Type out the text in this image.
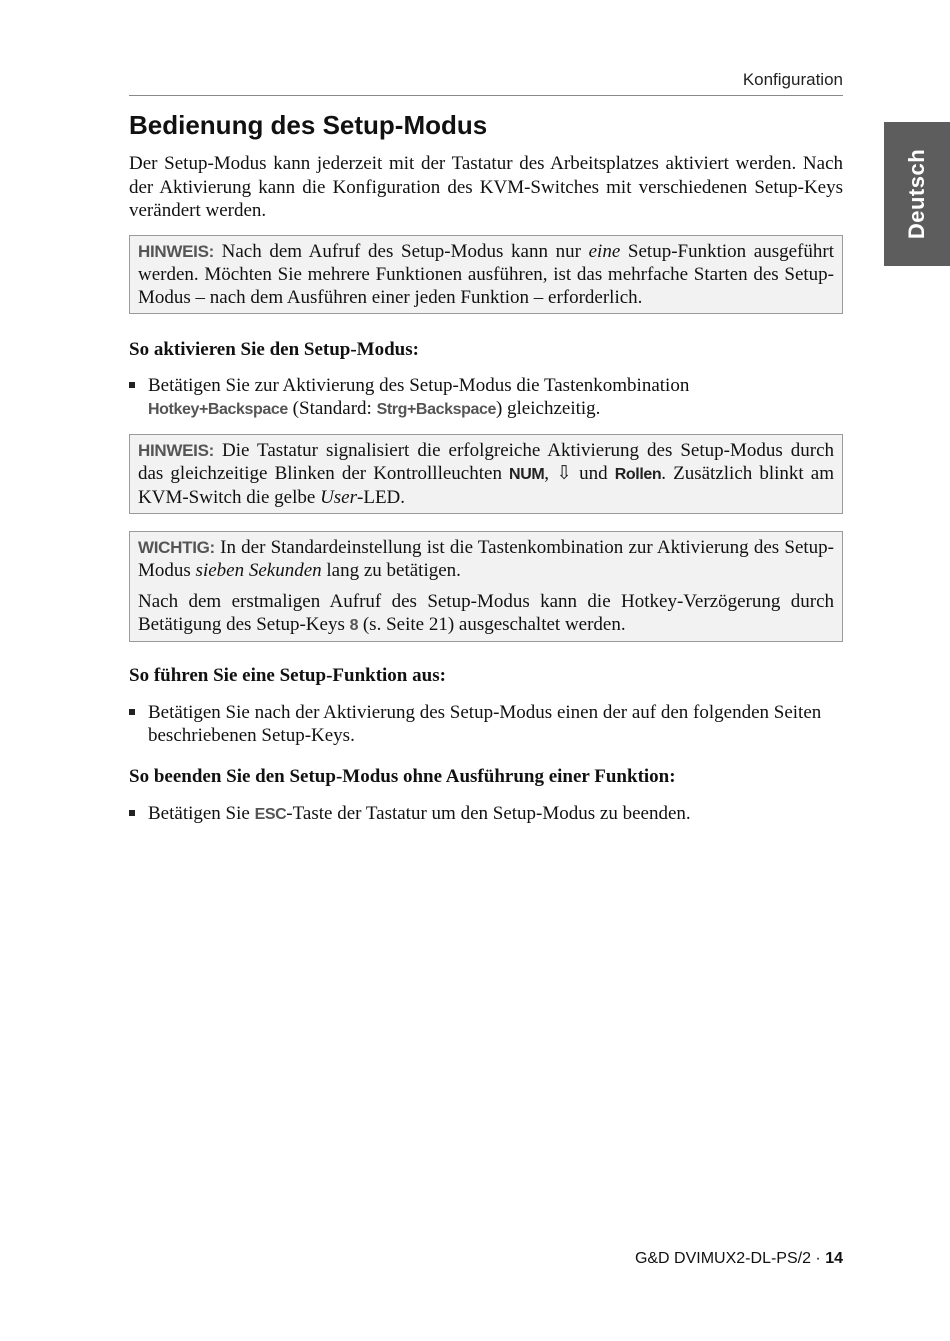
Konfiguration
Deutsch
Bedienung des Setup-Modus

Der Setup-Modus kann jederzeit mit der Tastatur des Arbeitsplatzes aktiviert werden. Nach der Aktivierung kann die Konfiguration des KVM-Switches mit verschiedenen Setup-Keys verändert werden.

HINWEIS: Nach dem Aufruf des Setup-Modus kann nur eine Setup-Funktion ausgeführt werden. Möchten Sie mehrere Funktionen ausführen, ist das mehrfache Starten des Setup-Modus – nach dem Ausführen einer jeden Funktion – erforderlich.

So aktivieren Sie den Setup-Modus:
Betätigen Sie zur Aktivierung des Setup-Modus die Tastenkombination
Hotkey+Backspace (Standard: Strg+Backspace) gleichzeitig.

HINWEIS: Die Tastatur signalisiert die erfolgreiche Aktivierung des Setup-Modus durch das gleichzeitige Blinken der Kontrollleuchten NUM, ⇩ und Rollen. Zusätzlich blinkt am KVM-Switch die gelbe User-LED.

WICHTIG: In der Standardeinstellung ist die Tastenkombination zur Aktivierung des Setup-Modus sieben Sekunden lang zu betätigen.

Nach dem erstmaligen Aufruf des Setup-Modus kann die Hotkey-Verzögerung durch Betätigung des Setup-Keys 8 (s. Seite 21) ausgeschaltet werden.

So führen Sie eine Setup-Funktion aus:
Betätigen Sie nach der Aktivierung des Setup-Modus einen der auf den folgenden Seiten beschriebenen Setup-Keys.
So beenden Sie den Setup-Modus ohne Ausführung einer Funktion:
Betätigen Sie ESC-Taste der Tastatur um den Setup-Modus zu beenden.
G&D DVIMUX2-DL-PS/2 · 14
